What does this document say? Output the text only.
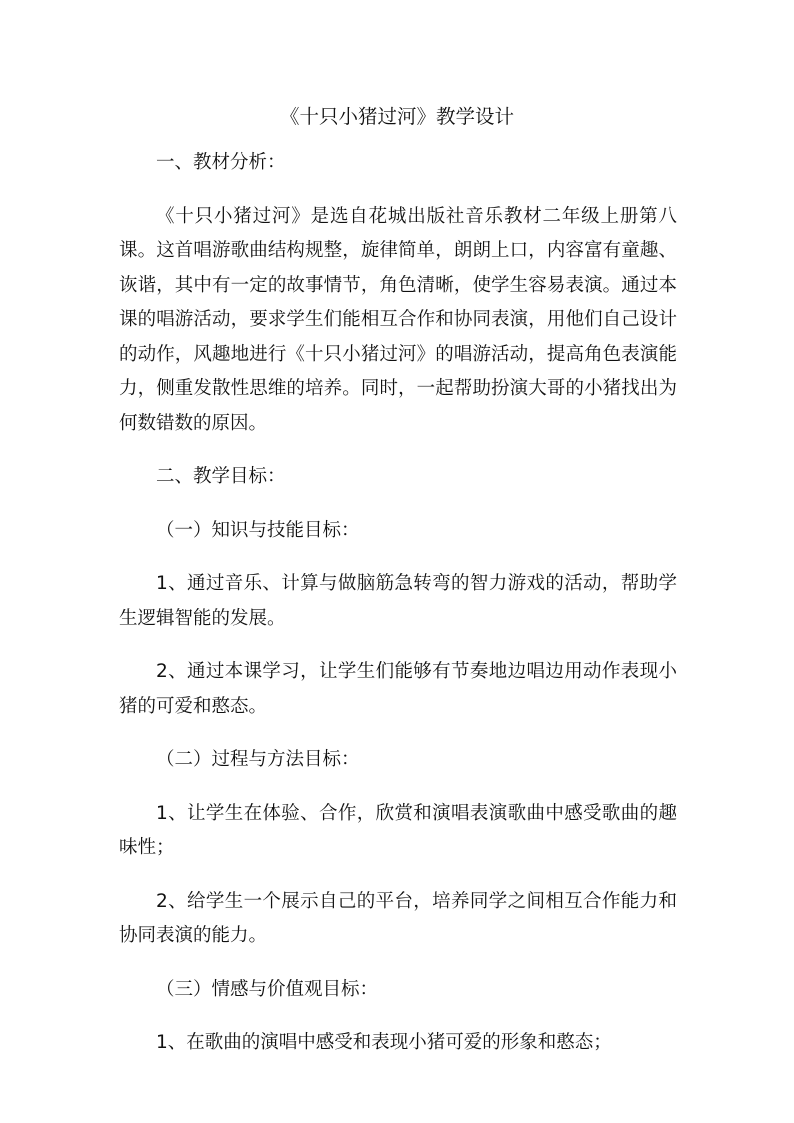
《十只小猪过河》教学设计

一、教材分析：

《十只小猪过河》是选自花城出版社音乐教材二年级上册第八课。这首唱游歌曲结构规整，旋律简单，朗朗上口，内容富有童趣、诙谐，其中有一定的故事情节，角色清晰，使学生容易表演。通过本课的唱游活动，要求学生们能相互合作和协同表演，用他们自己设计的动作，风趣地进行《十只小猪过河》的唱游活动，提高角色表演能力，侧重发散性思维的培养。同时，一起帮助扮演大哥的小猪找出为何数错数的原因。

二、教学目标：

（一）知识与技能目标：

1、通过音乐、计算与做脑筋急转弯的智力游戏的活动，帮助学生逻辑智能的发展。

2、通过本课学习，让学生们能够有节奏地边唱边用动作表现小猪的可爱和憨态。

（二）过程与方法目标：

1、让学生在体验、合作，欣赏和演唱表演歌曲中感受歌曲的趣味性；

2、给学生一个展示自己的平台，培养同学之间相互合作能力和协同表演的能力。

（三）情感与价值观目标：

1、在歌曲的演唱中感受和表现小猪可爱的形象和憨态；
